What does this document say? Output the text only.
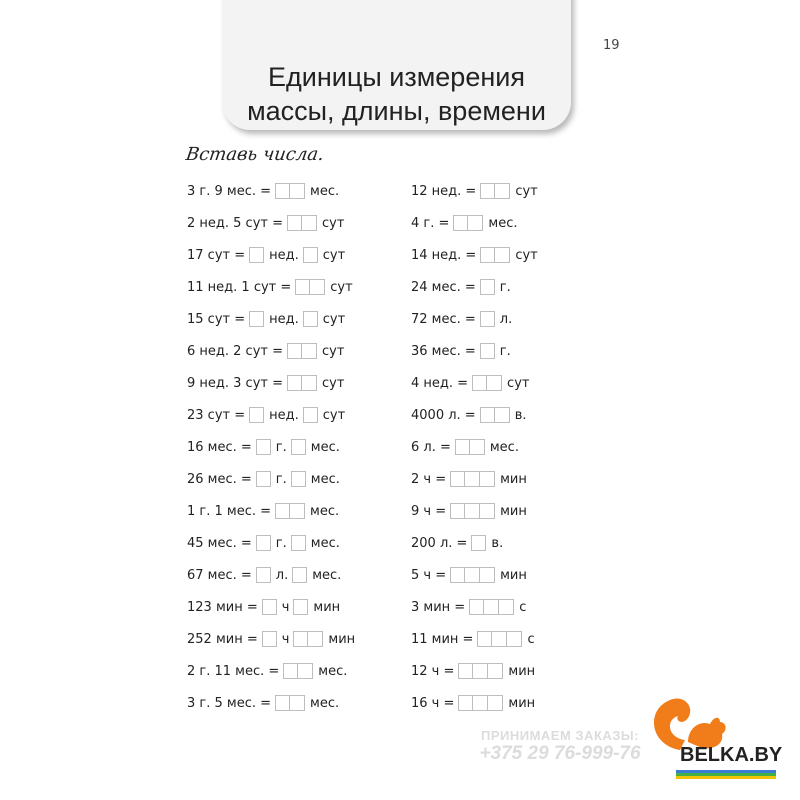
Единицы измерения
массы, длины, времени
19
Вставь числа.
3 г. 9 мес. =	мес.
2 нед. 5 сут =	сут
17 сут = нед. сут
11 нед. 1 сут =	сут
15 сут = нед. сут
6 нед. 2 сут =	сут
9 нед. 3 сут =	сут
23 сут = нед. сут
16 мес. = г. мес.
26 мес. = г. мес.
1 г. 1 мес. =	мес.
45 мес. = г. мес.
67 мес. = л. мес.
123 мин = ч мин
252 мин = ч	мин
2 г. 11 мес. =	мес.
3 г. 5 мес. =	мес.
12 нед. =	сут
4 г. =	мес.
14 нед. =	сут
24 мес. = г.
72 мес. = л.
36 мес. = г.
4 нед. =	сут
4000 л. =	в.
6 л. =	мес.
2 ч =	мин
9 ч =	мин
200 л. = в.
5 ч =	мин
3 мин =	с
11 мин =	с
12 ч =	мин
16 ч =	мин
ПРИНИМАЕМ ЗАКАЗЫ:
+375 29 76-999-76	BELKA.BY
